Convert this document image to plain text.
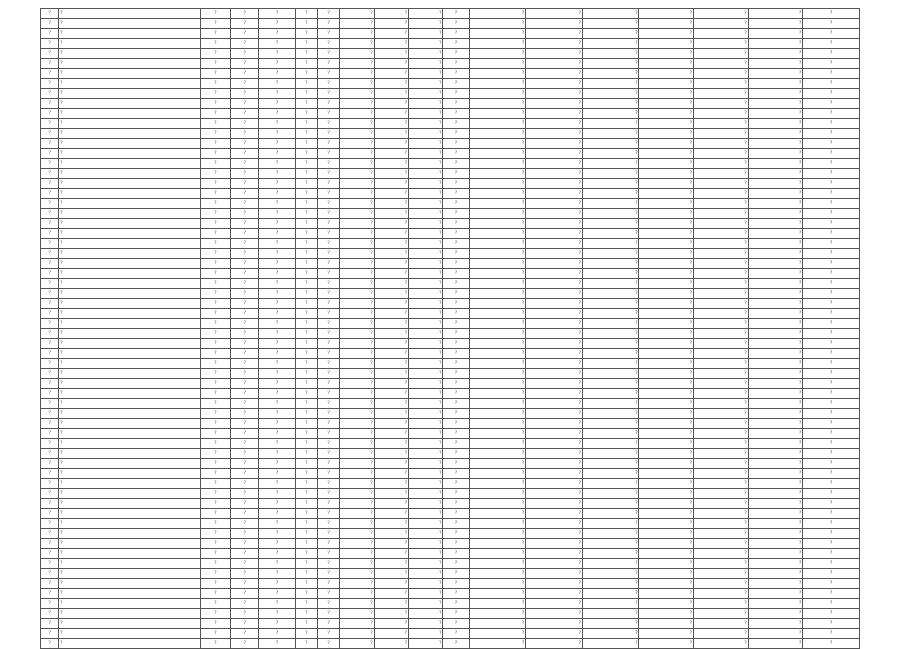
?	?	?	?	?	?	?	?	?	?	?	?	?	?	?	?	?	?
?	?	?	?	?	?	?	?	?	?	?	?	?	?	?	?	?	?
?	?	?	?	?	?	?	?	?	?	?	?	?	?	?	?	?	?
?	?	?	?	?	?	?	?	?	?	?	?	?	?	?	?	?	?
?	?	?	?	?	?	?	?	?	?	?	?	?	?	?	?	?	?
?	?	?	?	?	?	?	?	?	?	?	?	?	?	?	?	?	?
?	?	?	?	?	?	?	?	?	?	?	?	?	?	?	?	?	?
?	?	?	?	?	?	?	?	?	?	?	?	?	?	?	?	?	?
?	?	?	?	?	?	?	?	?	?	?	?	?	?	?	?	?	?
?	?	?	?	?	?	?	?	?	?	?	?	?	?	?	?	?	?
?	?	?	?	?	?	?	?	?	?	?	?	?	?	?	?	?	?
?	?	?	?	?	?	?	?	?	?	?	?	?	?	?	?	?	?
?	?	?	?	?	?	?	?	?	?	?	?	?	?	?	?	?	?
?	?	?	?	?	?	?	?	?	?	?	?	?	?	?	?	?	?
?	?	?	?	?	?	?	?	?	?	?	?	?	?	?	?	?	?
?	?	?	?	?	?	?	?	?	?	?	?	?	?	?	?	?	?
?	?	?	?	?	?	?	?	?	?	?	?	?	?	?	?	?	?
?	?	?	?	?	?	?	?	?	?	?	?	?	?	?	?	?	?
?	?	?	?	?	?	?	?	?	?	?	?	?	?	?	?	?	?
?	?	?	?	?	?	?	?	?	?	?	?	?	?	?	?	?	?
?	?	?	?	?	?	?	?	?	?	?	?	?	?	?	?	?	?
?	?	?	?	?	?	?	?	?	?	?	?	?	?	?	?	?	?
?	?	?	?	?	?	?	?	?	?	?	?	?	?	?	?	?	?
?	?	?	?	?	?	?	?	?	?	?	?	?	?	?	?	?	?
?	?	?	?	?	?	?	?	?	?	?	?	?	?	?	?	?	?
?	?	?	?	?	?	?	?	?	?	?	?	?	?	?	?	?	?
?	?	?	?	?	?	?	?	?	?	?	?	?	?	?	?	?	?
?	?	?	?	?	?	?	?	?	?	?	?	?	?	?	?	?	?
?	?	?	?	?	?	?	?	?	?	?	?	?	?	?	?	?	?
?	?	?	?	?	?	?	?	?	?	?	?	?	?	?	?	?	?
?	?	?	?	?	?	?	?	?	?	?	?	?	?	?	?	?	?
?	?	?	?	?	?	?	?	?	?	?	?	?	?	?	?	?	?
?	?	?	?	?	?	?	?	?	?	?	?	?	?	?	?	?	?
?	?	?	?	?	?	?	?	?	?	?	?	?	?	?	?	?	?
?	?	?	?	?	?	?	?	?	?	?	?	?	?	?	?	?	?
?	?	?	?	?	?	?	?	?	?	?	?	?	?	?	?	?	?
?	?	?	?	?	?	?	?	?	?	?	?	?	?	?	?	?	?
?	?	?	?	?	?	?	?	?	?	?	?	?	?	?	?	?	?
?	?	?	?	?	?	?	?	?	?	?	?	?	?	?	?	?	?
?	?	?	?	?	?	?	?	?	?	?	?	?	?	?	?	?	?
?	?	?	?	?	?	?	?	?	?	?	?	?	?	?	?	?	?
?	?	?	?	?	?	?	?	?	?	?	?	?	?	?	?	?	?
?	?	?	?	?	?	?	?	?	?	?	?	?	?	?	?	?	?
?	?	?	?	?	?	?	?	?	?	?	?	?	?	?	?	?	?
?	?	?	?	?	?	?	?	?	?	?	?	?	?	?	?	?	?
?	?	?	?	?	?	?	?	?	?	?	?	?	?	?	?	?	?
?	?	?	?	?	?	?	?	?	?	?	?	?	?	?	?	?	?
?	?	?	?	?	?	?	?	?	?	?	?	?	?	?	?	?	?
?	?	?	?	?	?	?	?	?	?	?	?	?	?	?	?	?	?
?	?	?	?	?	?	?	?	?	?	?	?	?	?	?	?	?	?
?	?	?	?	?	?	?	?	?	?	?	?	?	?	?	?	?	?
?	?	?	?	?	?	?	?	?	?	?	?	?	?	?	?	?	?
?	?	?	?	?	?	?	?	?	?	?	?	?	?	?	?	?	?
?	?	?	?	?	?	?	?	?	?	?	?	?	?	?	?	?	?
?	?	?	?	?	?	?	?	?	?	?	?	?	?	?	?	?	?
?	?	?	?	?	?	?	?	?	?	?	?	?	?	?	?	?	?
?	?	?	?	?	?	?	?	?	?	?	?	?	?	?	?	?	?
?	?	?	?	?	?	?	?	?	?	?	?	?	?	?	?	?	?
?	?	?	?	?	?	?	?	?	?	?	?	?	?	?	?	?	?
?	?	?	?	?	?	?	?	?	?	?	?	?	?	?	?	?	?
?	?	?	?	?	?	?	?	?	?	?	?	?	?	?	?	?	?
?	?	?	?	?	?	?	?	?	?	?	?	?	?	?	?	?	?
?	?	?	?	?	?	?	?	?	?	?	?	?	?	?	?	?	?
?	?	?	?	?	?	?	?	?	?	?	?	?	?	?	?	?	?
